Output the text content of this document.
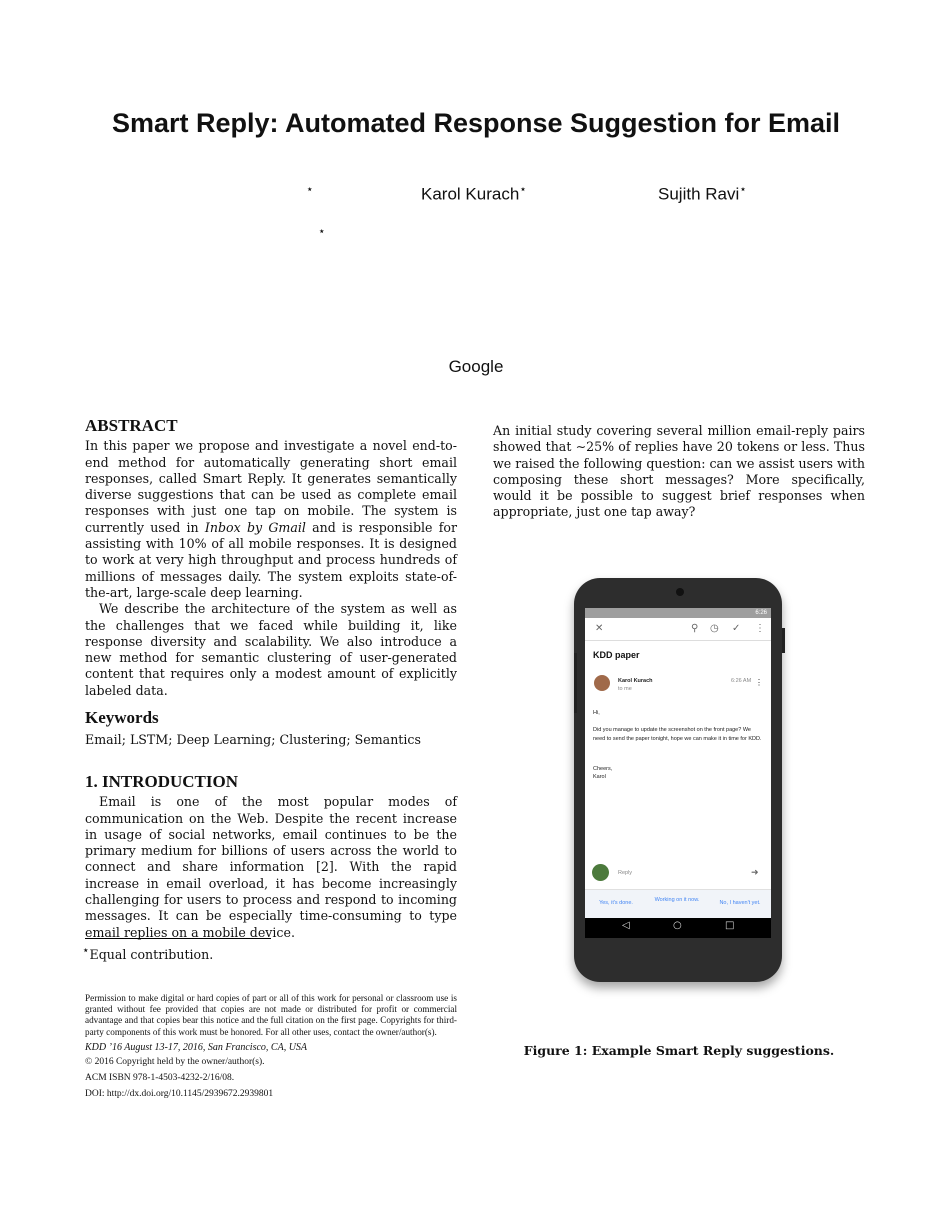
Smart Reply: Automated Response Suggestion for Email
⋆	Karol Kurach⋆	Sujith Ravi⋆
⋆
Google
ABSTRACT

In this paper we propose and investigate a novel end-to-end method for automatically generating short email responses, called Smart Reply. It generates semantically diverse suggestions that can be used as complete email responses with just one tap on mobile. The system is currently used in Inbox by Gmail and is responsible for assisting with 10% of all mobile responses. It is designed to work at very high throughput and process hundreds of millions of messages daily. The system exploits state-of-the-art, large-scale deep learning.

We describe the architecture of the system as well as the challenges that we faced while building it, like response diversity and scalability. We also introduce a new method for semantic clustering of user-generated content that requires only a modest amount of explicitly labeled data.

Keywords

Email; LSTM; Deep Learning; Clustering; Semantics

1. INTRODUCTION

Email is one of the most popular modes of communication on the Web. Despite the recent increase in usage of social networks, email continues to be the primary medium for billions of users across the world to connect and share information [2]. With the rapid increase in email overload, it has become increasingly challenging for users to process and respond to incoming messages. It can be especially time-consuming to type email replies on a mobile device.

⋆Equal contribution.

Permission to make digital or hard copies of part or all of this work for personal or classroom use is granted without fee provided that copies are not made or distributed for profit or commercial advantage and that copies bear this notice and the full citation on the first page. Copyrights for third-party components of this work must be honored. For all other uses, contact the owner/author(s).

KDD ’16 August 13-17, 2016, San Francisco, CA, USA

© 2016 Copyright held by the owner/author(s).

ACM ISBN 978-1-4503-4232-2/16/08.

DOI: http://dx.doi.org/10.1145/2939672.2939801

An initial study covering several million email-reply pairs showed that ∼25% of replies have 20 tokens or less. Thus we raised the following question: can we assist users with composing these short messages? More specifically, would it be possible to suggest brief responses when appropriate, just one tap away?

6:26
✕	⚲ ◷ ✓ ⋮
KDD paper
Karol Kurach
to me
6:26 AM ⋮
Hi,
Did you manage to update the screenshot on the front page? We need to send the paper tonight, hope we can make it in time for KDD.
Cheers,
Karol
Reply	➜
Yes, it's done.	Working on it now.	No, I haven't yet.
◁	○	□
Figure 1: Example Smart Reply suggestions.
